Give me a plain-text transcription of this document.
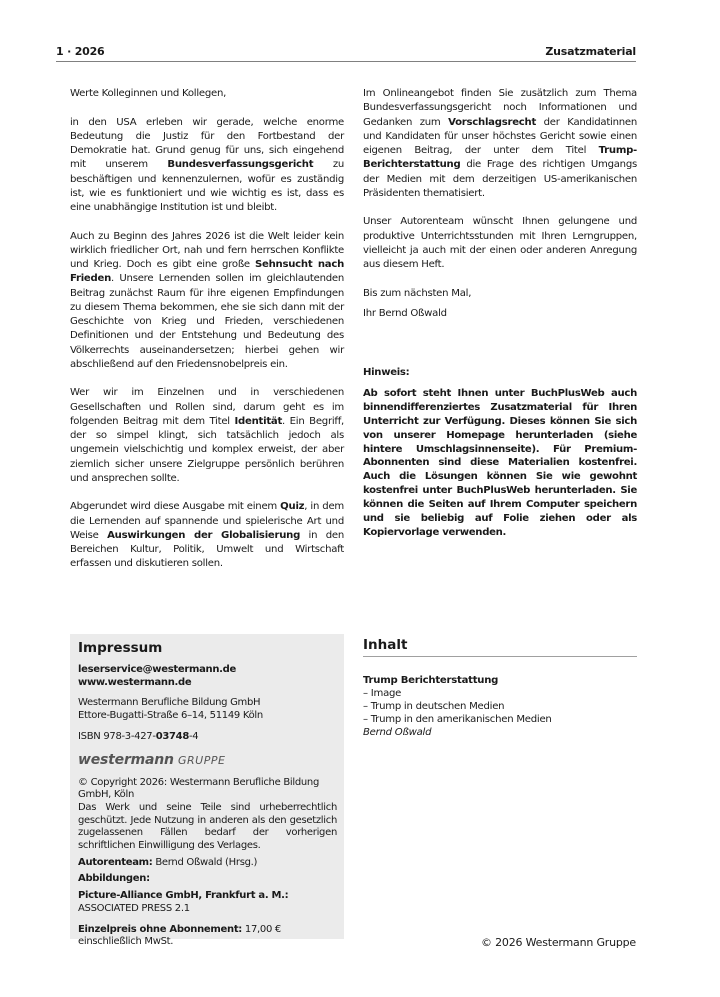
1 · 2026	Zusatzmaterial

Werte Kolleginnen und Kollegen,

in den USA erleben wir gerade, welche enorme Bedeutung die Justiz für den Fortbestand der Demokratie hat. Grund genug für uns, sich eingehend mit unserem Bundesverfassungsgericht zu beschäftigen und kennenzulernen, wofür es zuständig ist, wie es funktioniert und wie wichtig es ist, dass es eine unabhängige Institution ist und bleibt.

Auch zu Beginn des Jahres 2026 ist die Welt leider kein wirklich friedlicher Ort, nah und fern herrschen Konflikte und Krieg. Doch es gibt eine große Sehnsucht nach Frieden. Unsere Lernenden sollen im gleichlautenden Beitrag zunächst Raum für ihre eigenen Empfindungen zu diesem Thema bekommen, ehe sie sich dann mit der Geschichte von Krieg und Frieden, verschiedenen Definitionen und der Entstehung und Bedeutung des Völkerrechts auseinandersetzen; hierbei gehen wir abschließend auf den Friedensnobelpreis ein.

Wer wir im Einzelnen und in verschiedenen Gesellschaften und Rollen sind, darum geht es im folgenden Beitrag mit dem Titel Identität. Ein Begriff, der so simpel klingt, sich tatsächlich jedoch als ungemein vielschichtig und komplex erweist, der aber ziemlich sicher unsere Zielgruppe persönlich berühren und ansprechen sollte.

Abgerundet wird diese Ausgabe mit einem Quiz, in dem die Lernenden auf spannende und spielerische Art und Weise Auswirkungen der Globalisierung in den Bereichen Kultur, Politik, Umwelt und Wirtschaft erfassen und diskutieren sollen.

Im Onlineangebot finden Sie zusätzlich zum Thema Bundesverfassungsgericht noch Informationen und Gedanken zum Vorschlagsrecht der Kandidatinnen und Kandidaten für unser höchstes Gericht sowie einen eigenen Beitrag, der unter dem Titel Trump-Berichterstattung die Frage des richtigen Umgangs der Medien mit dem derzeitigen US-amerikanischen Präsidenten thematisiert.

Unser Autorenteam wünscht Ihnen gelungene und produktive Unterrichtsstunden mit Ihren Lerngruppen, vielleicht ja auch mit der einen oder anderen Anregung aus diesem Heft.

Bis zum nächsten Mal,

Ihr Bernd Oßwald

Hinweis:
Ab sofort steht Ihnen unter BuchPlusWeb auch binnendifferenziertes Zusatzmaterial für Ihren Unterricht zur Verfügung. Dieses können Sie sich von unserer Homepage herunterladen (siehe hintere Umschlagsinnenseite). Für Premium-Abonnenten sind diese Materialien kostenfrei. Auch die Lösungen können Sie wie gewohnt kostenfrei unter BuchPlusWeb herunterladen. Sie können die Seiten auf Ihrem Computer speichern und sie beliebig auf Folie ziehen oder als Kopiervorlage verwenden.
Impressum
leserservice@westermann.de
www.westermann.de
Westermann Berufliche Bildung GmbH
Ettore-Bugatti-Straße 6–14, 51149 Köln
ISBN 978-3-427-03748-4
westermann GRUPPE
© Copyright 2026: Westermann Berufliche Bildung GmbH, Köln
Das Werk und seine Teile sind urheberrechtlich geschützt. Jede Nutzung in anderen als den gesetzlich zugelassenen Fällen bedarf der vorherigen schriftlichen Einwilligung des Verlages.
Autorenteam: Bernd Oßwald (Hrsg.)
Abbildungen:
Picture-Alliance GmbH, Frankfurt a. M.: ASSOCIATED PRESS 2.1
Einzelpreis ohne Abonnement: 17,00 € einschließlich MwSt.
Inhalt
Trump Berichterstattung
– Image
– Trump in deutschen Medien
– Trump in den amerikanischen Medien
Bernd Oßwald
© 2026 Westermann Gruppe
